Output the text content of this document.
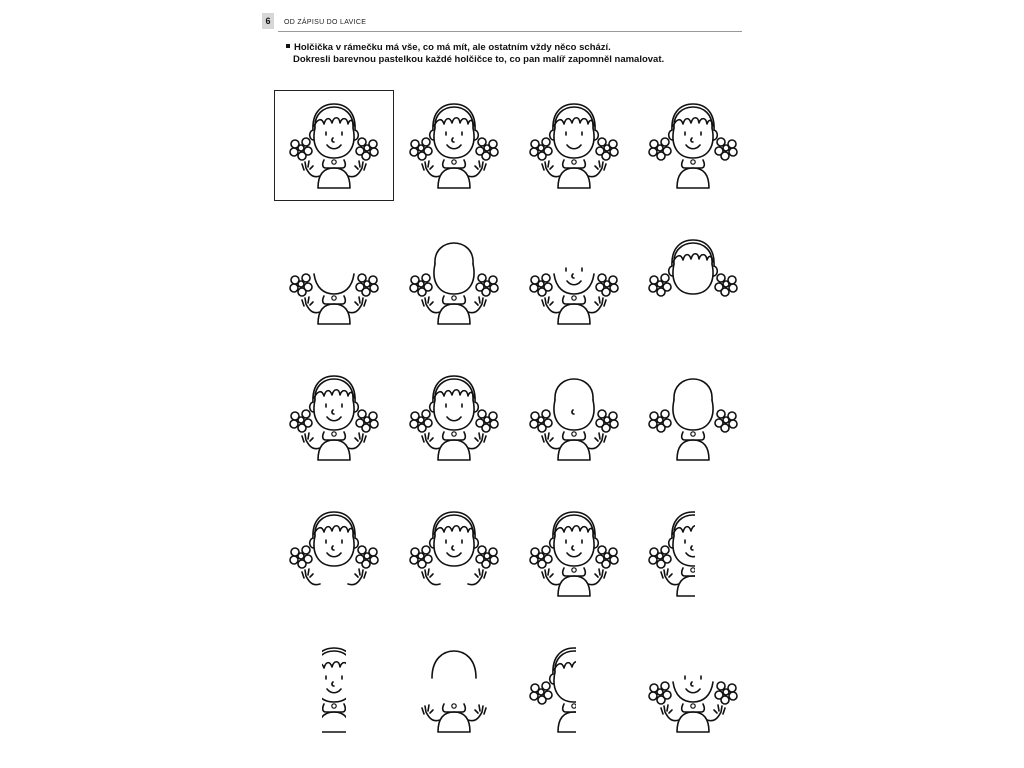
6	OD ZÁPISU DO LAVICE
Holčička v rámečku má vše, co má mít, ale ostatním vždy něco schází.
Dokresli barevnou pastelkou každé holčičce to, co pan malíř zapomněl namalovat.
